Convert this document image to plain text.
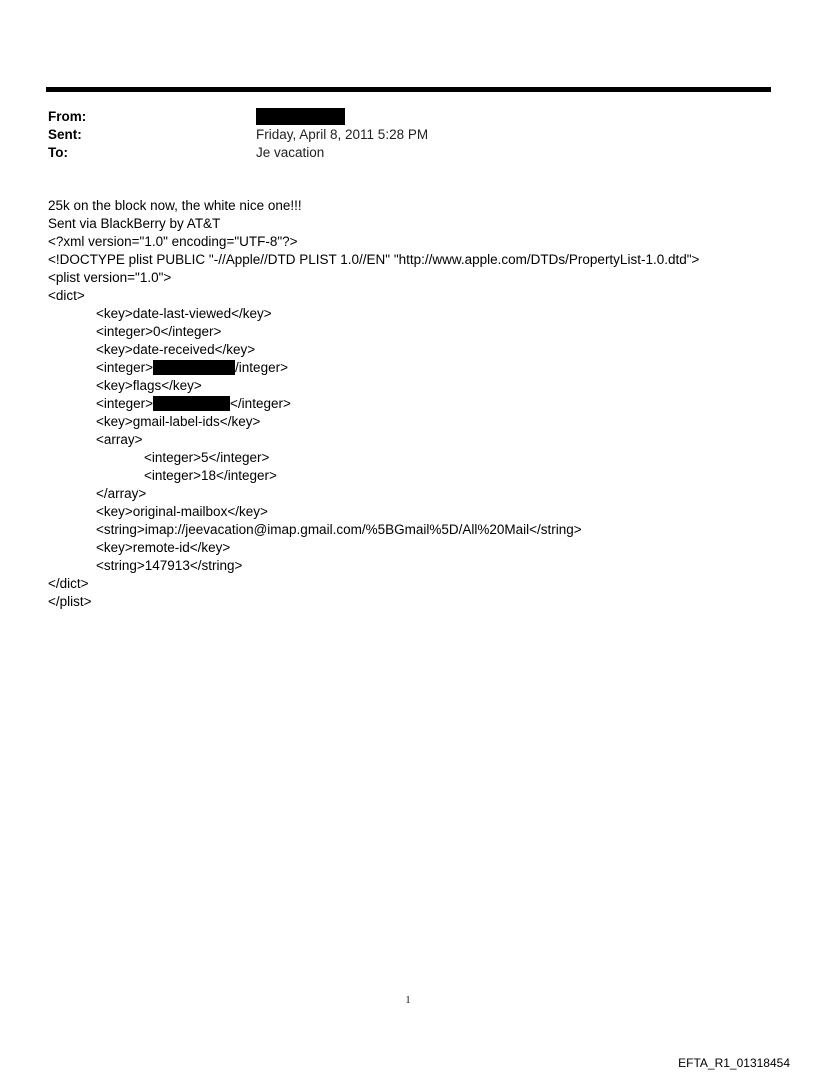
From:
Sent:	Friday, April 8, 2011 5:28 PM
To:	Je vacation
25k on the block now, the white nice one!!!
Sent via BlackBerry by AT&T
<?xml version="1.0" encoding="UTF-8"?>
<!DOCTYPE plist PUBLIC "-//Apple//DTD PLIST 1.0//EN" "http://www.apple.com/DTDs/PropertyList-1.0.dtd">
<plist version="1.0">
<dict>
<key>date-last-viewed</key>
<integer>0</integer>
<key>date-received</key>
<integer>	/integer>
<key>flags</key>
<integer>	</integer>
<key>gmail-label-ids</key>
<array>
<integer>5</integer>
<integer>18</integer>
</array>
<key>original-mailbox</key>
<string>imap://jeevacation@imap.gmail.com/%5BGmail%5D/All%20Mail</string>
<key>remote-id</key>
<string>147913</string>
</dict>
</plist>
1
EFTA_R1_01318454
